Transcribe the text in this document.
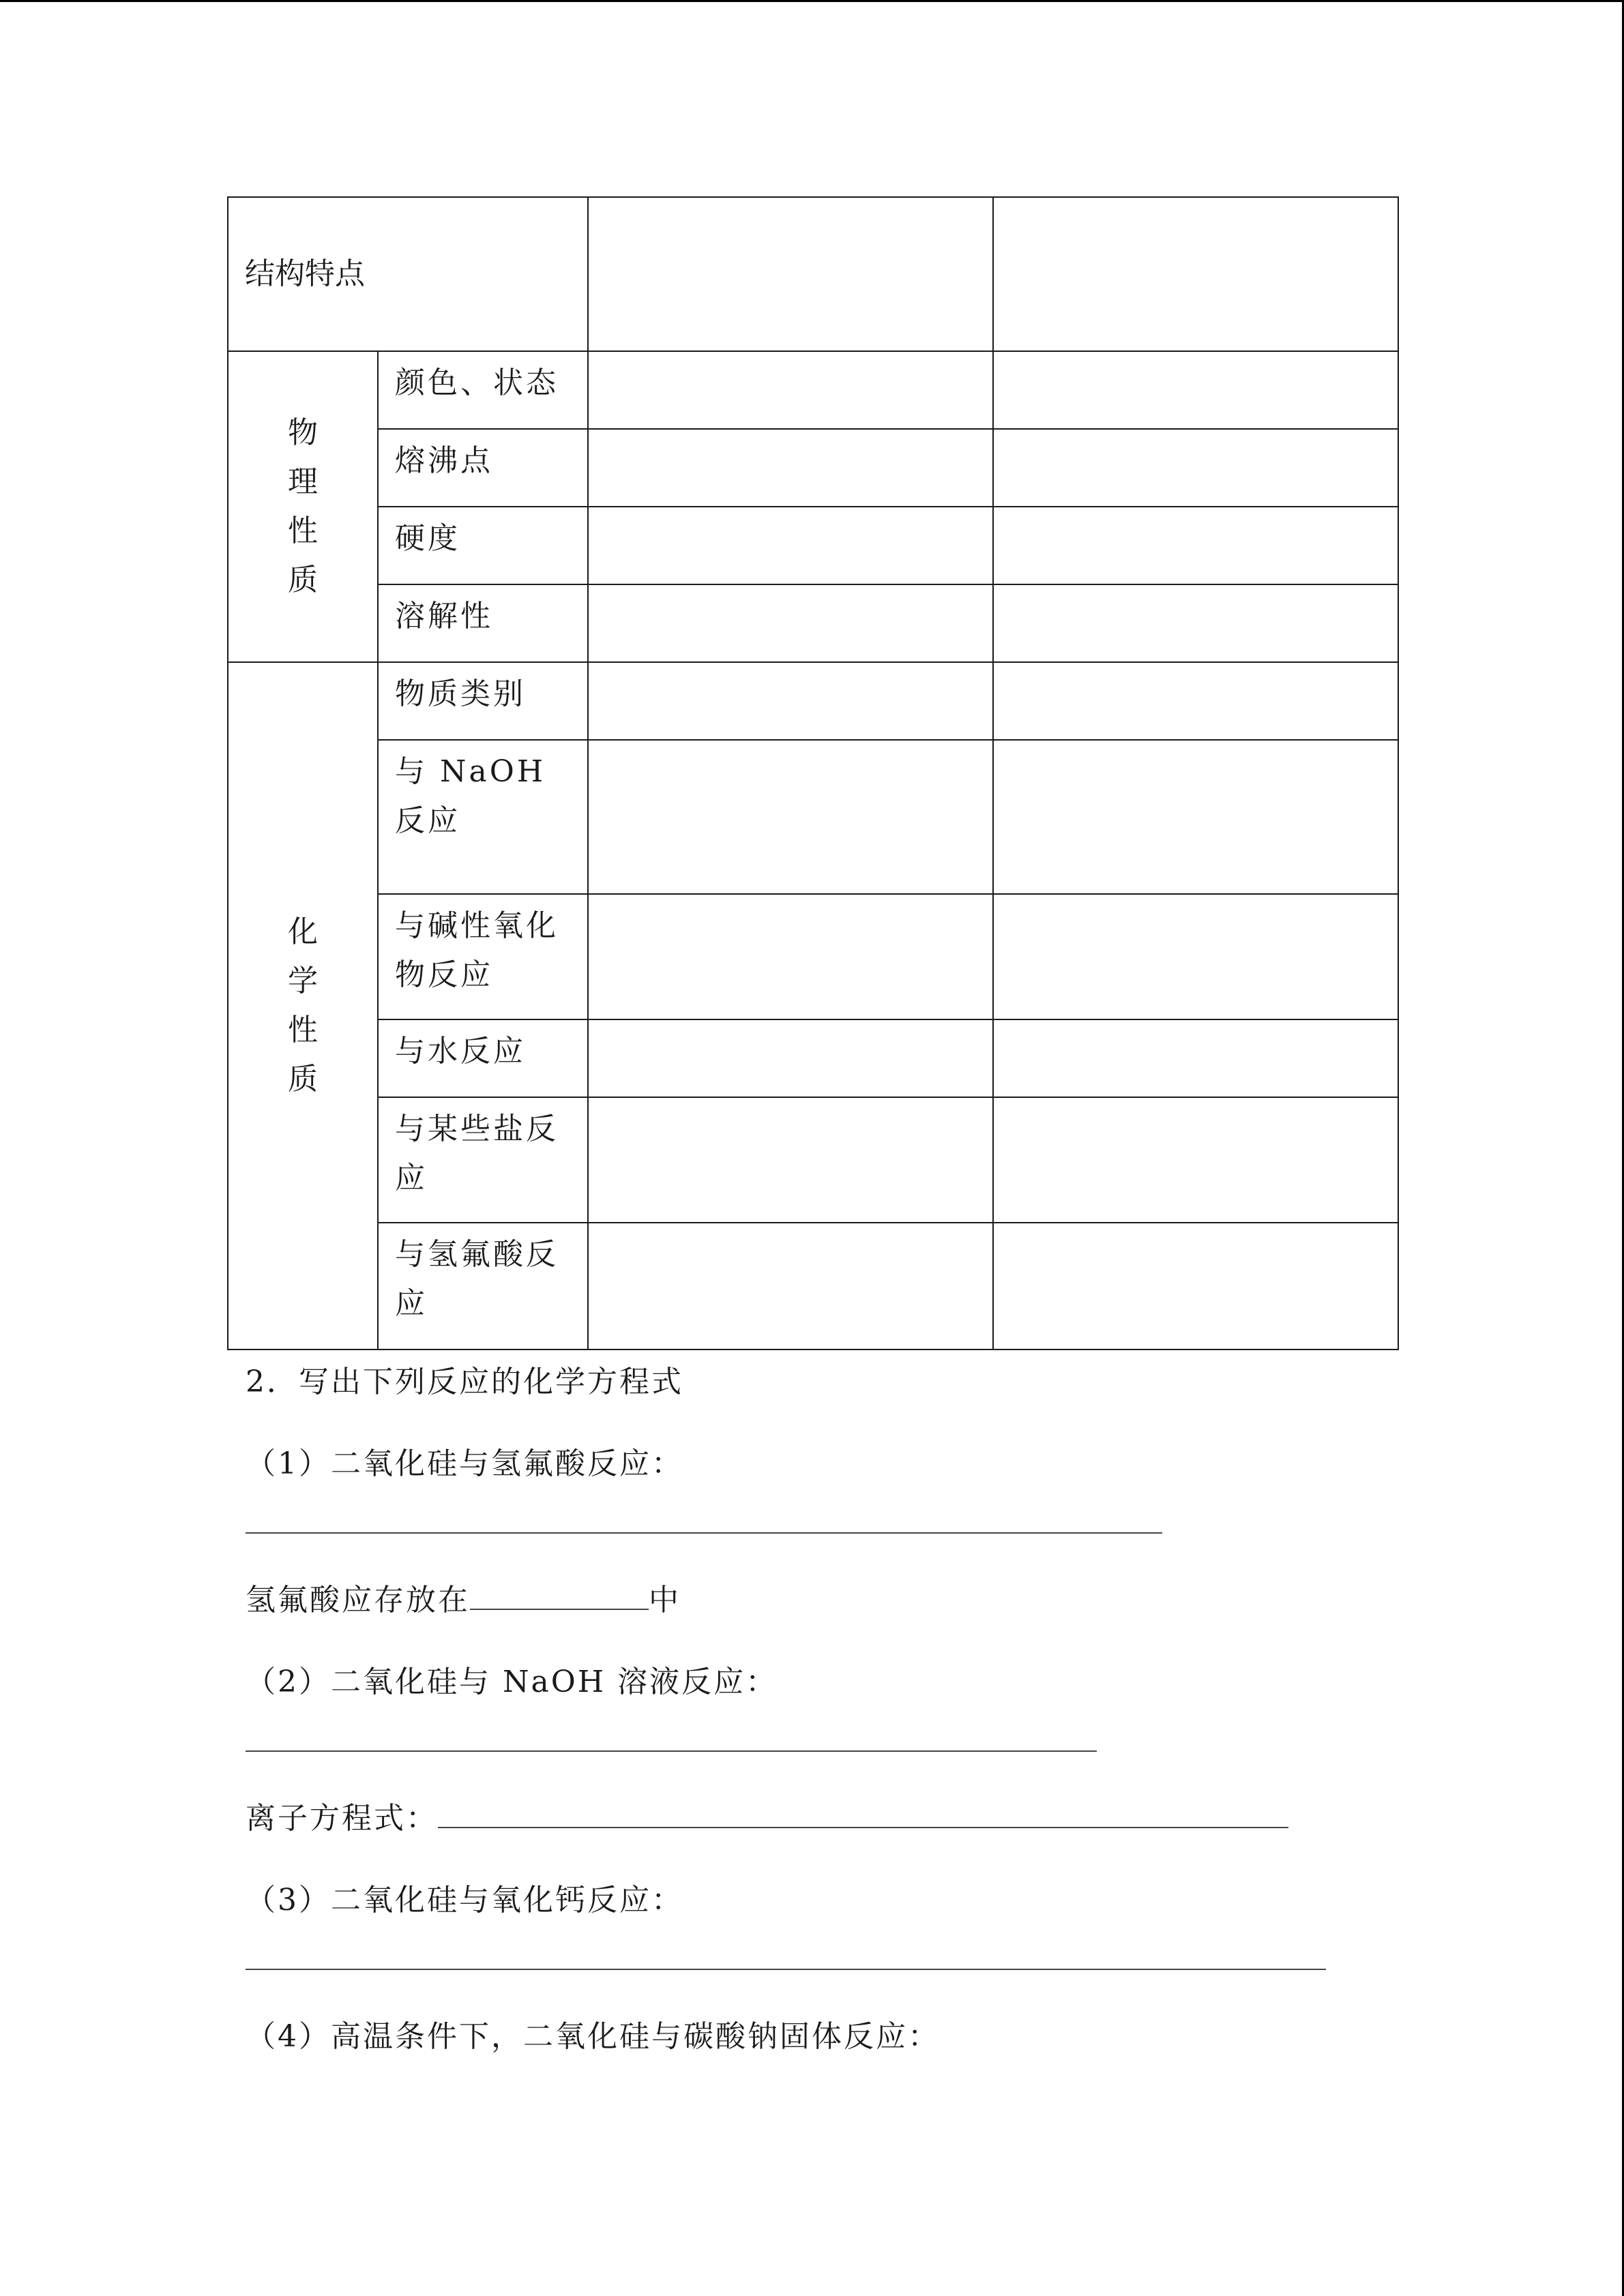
结构特点			
物理性质	颜色、状态		
	熔沸点		
	硬度		
	溶解性		
化学性质	物质类别		
	与 NaOH 反应		
	与碱性氧化物反应		
	与水反应		
	与某些盐反应		
	与氢氟酸反应		
2．写出下列反应的化学方程式
（1）二氧化硅与氢氟酸反应：
氢氟酸应存放在	中
（2）二氧化硅与 NaOH 溶液反应：
离子方程式：
（3）二氧化硅与氧化钙反应：
（4）高温条件下，二氧化硅与碳酸钠固体反应：
